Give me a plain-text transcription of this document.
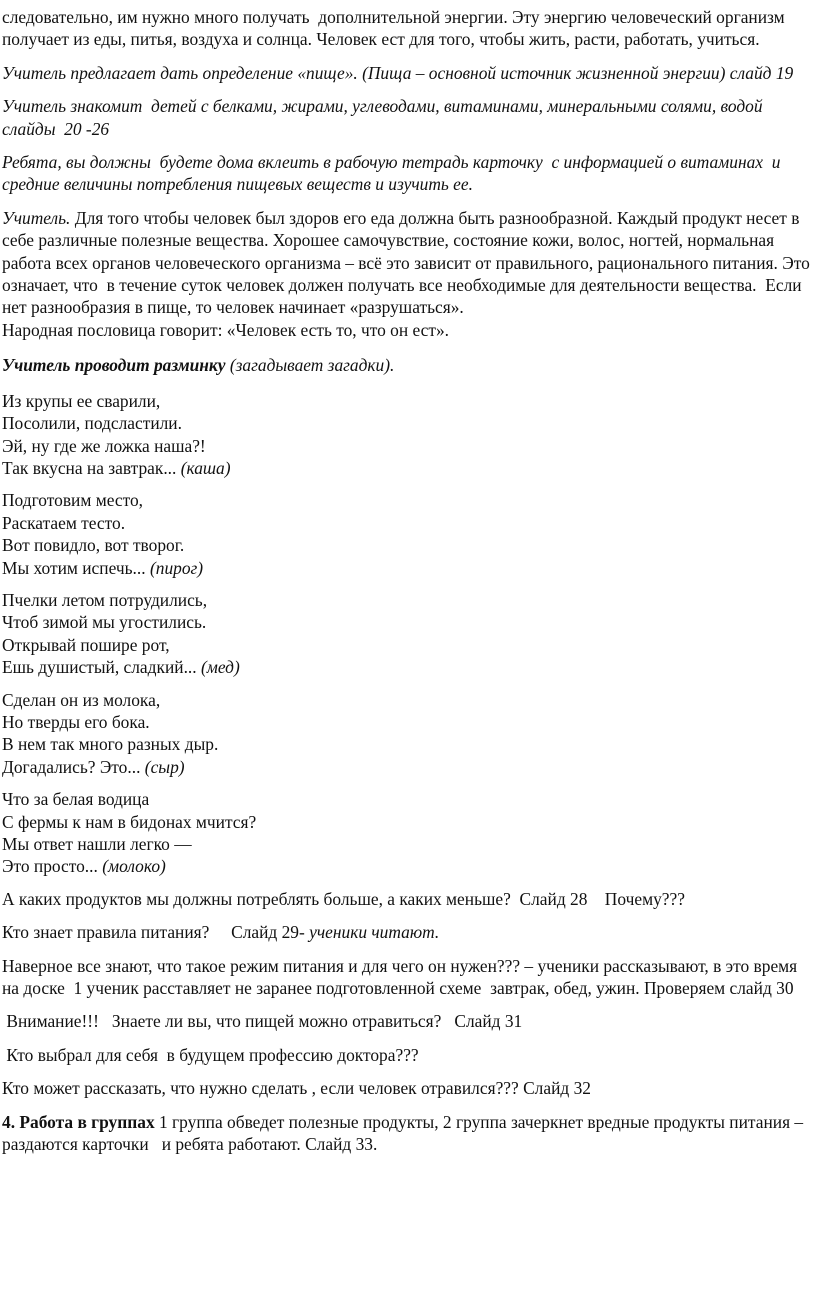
следовательно, им нужно много получать  дополнительной энергии. Эту энергию человеческий организм получает из еды, питья, воздуха и солнца. Человек ест для того, чтобы жить, расти, работать, учиться.

Учитель предлагает дать определение «пище». (Пища – основной источник жизненной энергии) слайд 19

Учитель знакомит  детей с белками, жирами, углеводами, витаминами, минеральными солями, водой слайды  20 -26

Ребята, вы должны  будете дома вклеить в рабочую тетрадь карточку  с информацией о витаминах  и средние величины потребления пищевых веществ и изучить ее.

Учитель. Для того чтобы человек был здоров его еда должна быть разнообразной. Каждый продукт несет в себе различные полезные вещества. Хорошее самочувствие, состояние кожи, волос, ногтей, нормальная работа всех органов человеческого организма – всё это зависит от правильного, рационального питания. Это означает, что  в течение суток человек должен получать все необходимые для деятельности вещества.  Если нет разнообразия в пище, то человек начинает «разрушаться».
Народная пословица говорит: «Человек есть то, что он ест».

Учитель проводит разминку (загадывает загадки).

Из крупы ее сварили,
Посолили, подсластили.
Эй, ну где же ложка наша?!
Так вкусна на завтрак... (каша)
Подготовим место,
Раскатаем тесто.
Вот повидло, вот творог.
Мы хотим испечь... (пирог)
Пчелки летом потрудились,
Чтоб зимой мы угостились.
Открывай пошире рот,
Ешь душистый, сладкий... (мед)
Сделан он из молока,
Но тверды его бока.
В нем так много разных дыр.
Догадались? Это... (сыр)
Что за белая водица
С фермы к нам в бидонах мчится?
Мы ответ нашли легко —
Это просто... (молоко)

А каких продуктов мы должны потреблять больше, а каких меньше?  Слайд 28    Почему???

Кто знает правила питания?     Слайд 29- ученики читают.

Наверное все знают, что такое режим питания и для чего он нужен??? – ученики рассказывают, в это время на доске  1 ученик расставляет не заранее подготовленной схеме  завтрак, обед, ужин. Проверяем слайд 30

Внимание!!!   Знаете ли вы, что пищей можно отравиться?   Слайд 31

Кто выбрал для себя  в будущем профессию доктора???

Кто может рассказать, что нужно сделать , если человек отравился??? Слайд 32

4. Работа в группах 1 группа обведет полезные продукты, 2 группа зачеркнет вредные продукты питания – раздаются карточки   и ребята работают. Слайд 33.
